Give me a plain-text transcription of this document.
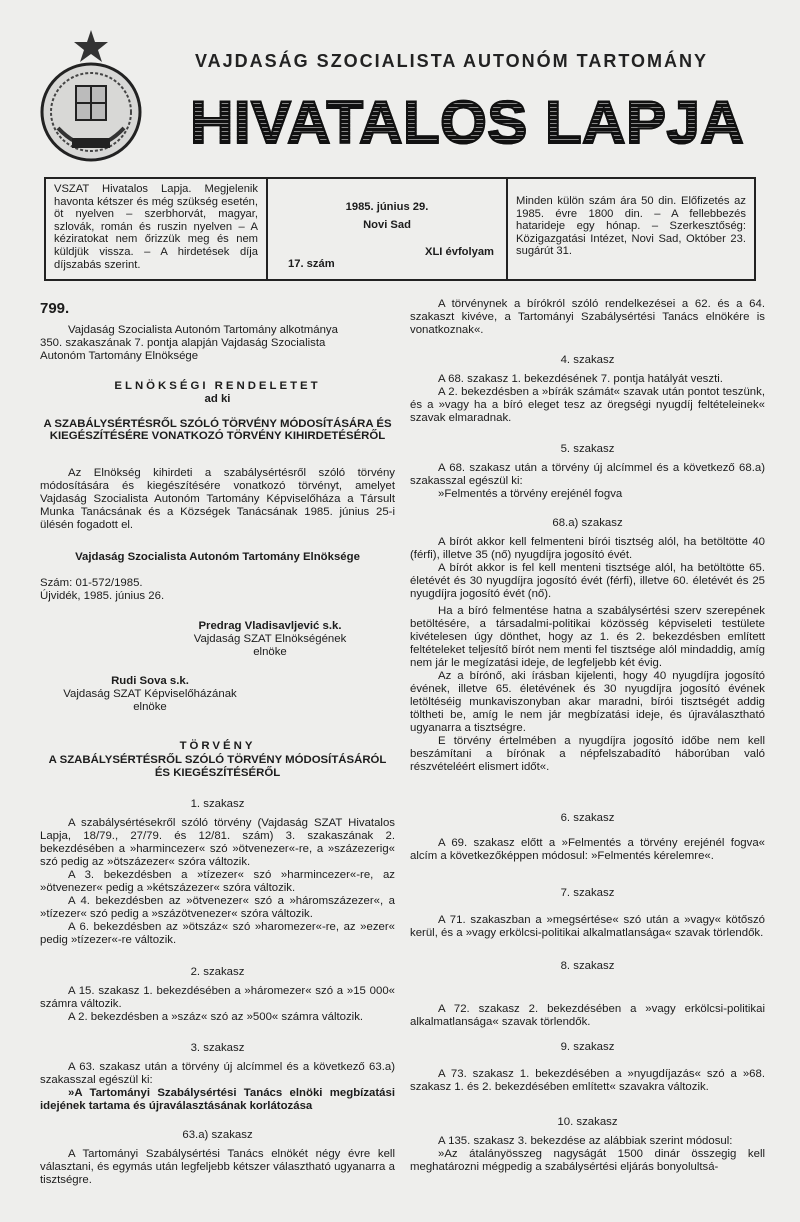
VAJDASÁG SZOCIALISTA AUTONÓM TARTOMÁNY
HIVATALOS LAPJA
VSZAT Hivatalos Lapja. Megjelenik havonta kétszer és még szükség esetén, öt nyelven – szerbhorvát, magyar, szlovák, román és ruszin nyelven – A kéziratokat nem őrizzük meg és nem küldjük vissza. – A hirdetések díja díjszabás szerint.
1985. június 29.
Novi Sad
XLI évfolyam
17. szám
Minden külön szám ára 50 din. Előfizetés az 1985. évre 1800 din. – A fellebbezés hatarideje egy hónap. – Szerkesztőség: Közigazgatási Intézet, Novi Sad, Október 23. sugárút 31.
799.

Vajdaság Szocialista Autonóm Tartomány alkotmánya 350. szakaszának 7. pontja alapján Vajdaság Szocialista Autonóm Tartomány Elnöksége

ELNÖKSÉGI RENDELETET

ad ki

A SZABÁLYSÉRTÉSRŐL SZÓLÓ TÖRVÉNY MÓDOSÍTÁSÁRA ÉS KIEGÉSZÍTÉSÉRE VONATKOZÓ TÖRVÉNY KIHIRDETÉSÉRŐL

Az Elnökség kihirdeti a szabálysértésről szóló törvény módosítására és kiegészítésére vonatkozó törvényt, amelyet Vajdaság Szocialista Autonóm Tartomány Képviselőháza a Társult Munka Tanácsának és a Községek Tanácsának 1985. június 25-i ülésén fogadott el.

Vajdaság Szocialista Autonóm Tartomány Elnöksége

Szám: 01-572/1985.

Újvidék, 1985. június 26.

Predrag Vladisavljević s.k.
Vajdaság SZAT Elnökségének
elnöke
Rudi Sova s.k.
Vajdaság SZAT Képviselőházának
elnöke

TÖRVÉNY

A SZABÁLYSÉRTÉSRŐL SZÓLÓ TÖRVÉNY MÓDOSÍTÁSÁRÓL ÉS KIEGÉSZÍTÉSÉRŐL

1. szakasz

A szabálysértésekről szóló törvény (Vajdaság SZAT Hivatalos Lapja, 18/79., 27/79. és 12/81. szám) 3. szakaszának 2. bekezdésében a »harmincezer« szó »ötvenezer«-re, a »százezerig« szó pedig az »ötszázezer« szóra változik.

A 3. bekezdésben a »tízezer« szó »harmincezer«-re, az »ötvenezer« pedig a »kétszázezer« szóra változik.

A 4. bekezdésben az »ötvenezer« szó a »háromszázezer«, a »tízezer« szó pedig a »százötvenezer« szóra változik.

A 6. bekezdésben az »ötszáz« szó »haromezer«-re, az »ezer« pedig »tízezer«-re változik.

2. szakasz

A 15. szakasz 1. bekezdésében a »háromezer« szó a »15 000« számra változik.

A 2. bekezdésben a »száz« szó az »500« számra változik.

3. szakasz

A 63. szakasz után a törvény új alcímmel és a következő 63.a) szakasszal egészül ki:

»A Tartományi Szabálysértési Tanács elnöki megbízatási idejének tartama és újraválasztásának korlátozása

63.a) szakasz

A Tartományi Szabálysértési Tanács elnökét négy évre kell választani, és egymás után legfeljebb kétszer választható ugyanarra a tisztségre.

A törvénynek a bírókról szóló rendelkezései a 62. és a 64. szakaszt kivéve, a Tartományi Szabálysértési Tanács elnökére is vonatkoznak«.

4. szakasz

A 68. szakasz 1. bekezdésének 7. pontja hatályát veszti.

A 2. bekezdésben a »bírák számát« szavak után pontot teszünk, és a »vagy ha a bíró eleget tesz az öregségi nyugdíj feltételeinek« szavak elmaradnak.

5. szakasz

A 68. szakasz után a törvény új alcímmel és a következő 68.a) szakasszal egészül ki:

»Felmentés a törvény erejénél fogva

68.a) szakasz

A bírót akkor kell felmenteni bírói tisztség alól, ha betöltötte 40 (férfi), illetve 35 (nő) nyugdíjra jogosító évét.

A bírót akkor is fel kell menteni tisztsége alól, ha betöltötte 65. életévét és 30 nyugdíjra jogosító évét (férfi), illetve 60. életévét és 25 nyugdíjra jogosító évét (nő).

Ha a bíró felmentése hatna a szabálysértési szerv szerepének betöltésére, a társadalmi-politikai közösség képviseleti testülete kivételesen úgy dönthet, hogy az 1. és 2. bekezdésben említett feltételeket teljesítő bírót nem menti fel tisztsége alól mindaddig, amíg nem jár le megízatási ideje, de legfeljebb két évig.

Az a bírónő, aki írásban kijelenti, hogy 40 nyugdíjra jogosító évének, illetve 65. életévének és 30 nyugdíjra jogosító évének letöltéséig munkaviszonyban akar maradni, bírói tisztségét addig töltheti be, amíg le nem jár megbízatási ideje, és újraválasztható ugyanarra a tisztségre.

E törvény értelmében a nyugdíjra jogosító időbe nem kell beszámítani a bírónak a népfelszabadító háborúban való részvételéért elismert időt«.

6. szakasz

A 69. szakasz előtt a »Felmentés a törvény erejénél fogva« alcím a következőképpen módosul: »Felmentés kérelemre«.

7. szakasz

A 71. szakaszban a »megsértése« szó után a »vagy« kötőszó kerül, és a »vagy erkölcsi-politikai alkalmatlansága« szavak törlendők.

8. szakasz

A 72. szakasz 2. bekezdésében a »vagy erkölcsi-politikai alkalmatlansága« szavak törlendők.

9. szakasz

A 73. szakasz 1. bekezdésében a »nyugdíjazás« szó a »68. szakasz 1. és 2. bekezdésében említett« szavakra változik.

10. szakasz

A 135. szakasz 3. bekezdése az alábbiak szerint módosul:

»Az átalányösszeg nagyságát 1500 dinár összegig kell meghatározni mégpedig a szabálysértési eljárás bonyolultsá-
